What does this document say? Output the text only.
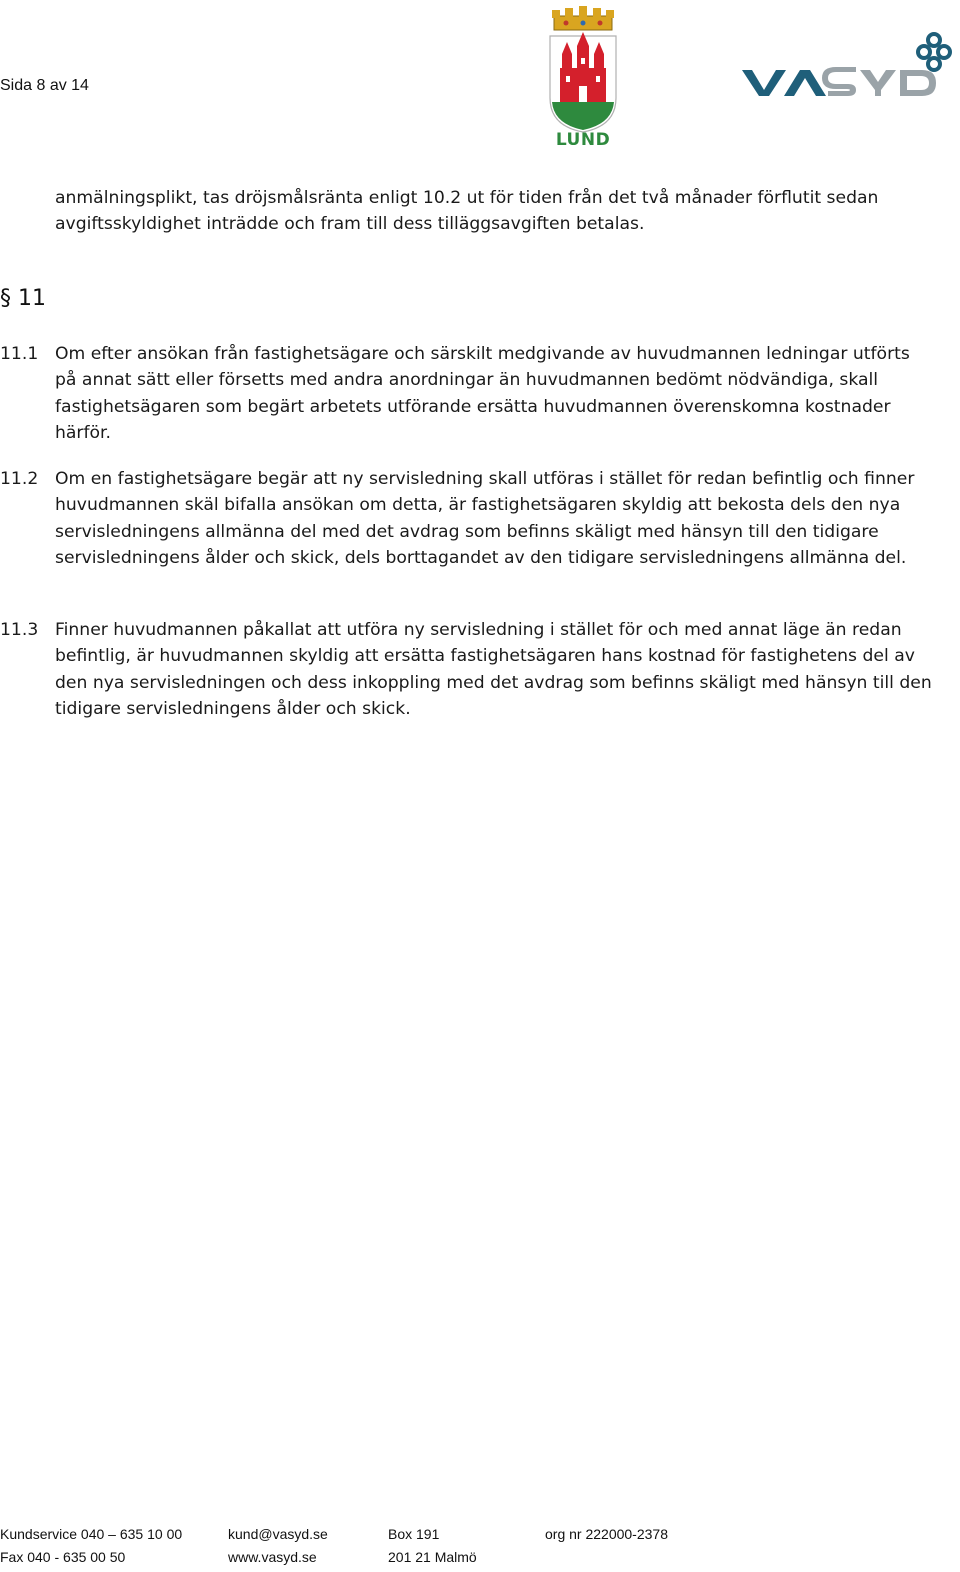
Sida 8 av 14
LUND
anmälningsplikt, tas dröjsmålsränta enligt 10.2 ut för tiden från det två månader förflutit sedan avgiftsskyldighet inträdde och fram till dess tilläggsavgiften betalas.
§ 11
11.1 Om efter ansökan från fastighetsägare och särskilt medgivande av huvudmannen ledningar utförts på annat sätt eller försetts med andra anordningar än huvudmannen bedömt nödvändiga, skall fastighetsägaren som begärt arbetets utförande ersätta huvudmannen överenskomna kostnader härför.
11.2 Om en fastighetsägare begär att ny servisledning skall utföras i stället för redan befintlig och finner huvudmannen skäl bifalla ansökan om detta, är fastighetsägaren skyldig att bekosta dels den nya servisledningens allmänna del med det avdrag som befinns skäligt med hänsyn till den tidigare servisledningens ålder och skick, dels borttagandet av den tidigare servisledningens allmänna del.
11.3 Finner huvudmannen påkallat att utföra ny servisledning i stället för och med annat läge än redan befintlig, är huvudmannen skyldig att ersätta fastighetsägaren hans kostnad för fastighetens del av den nya servisledningen och dess inkoppling med det avdrag som befinns skäligt med hänsyn till den tidigare servisledningens ålder och skick.
Kundservice 040 – 635 10 00	kund@vasyd.se	Box 191	org nr 222000-2378
Fax 040 - 635 00 50	www.vasyd.se	201 21 Malmö
